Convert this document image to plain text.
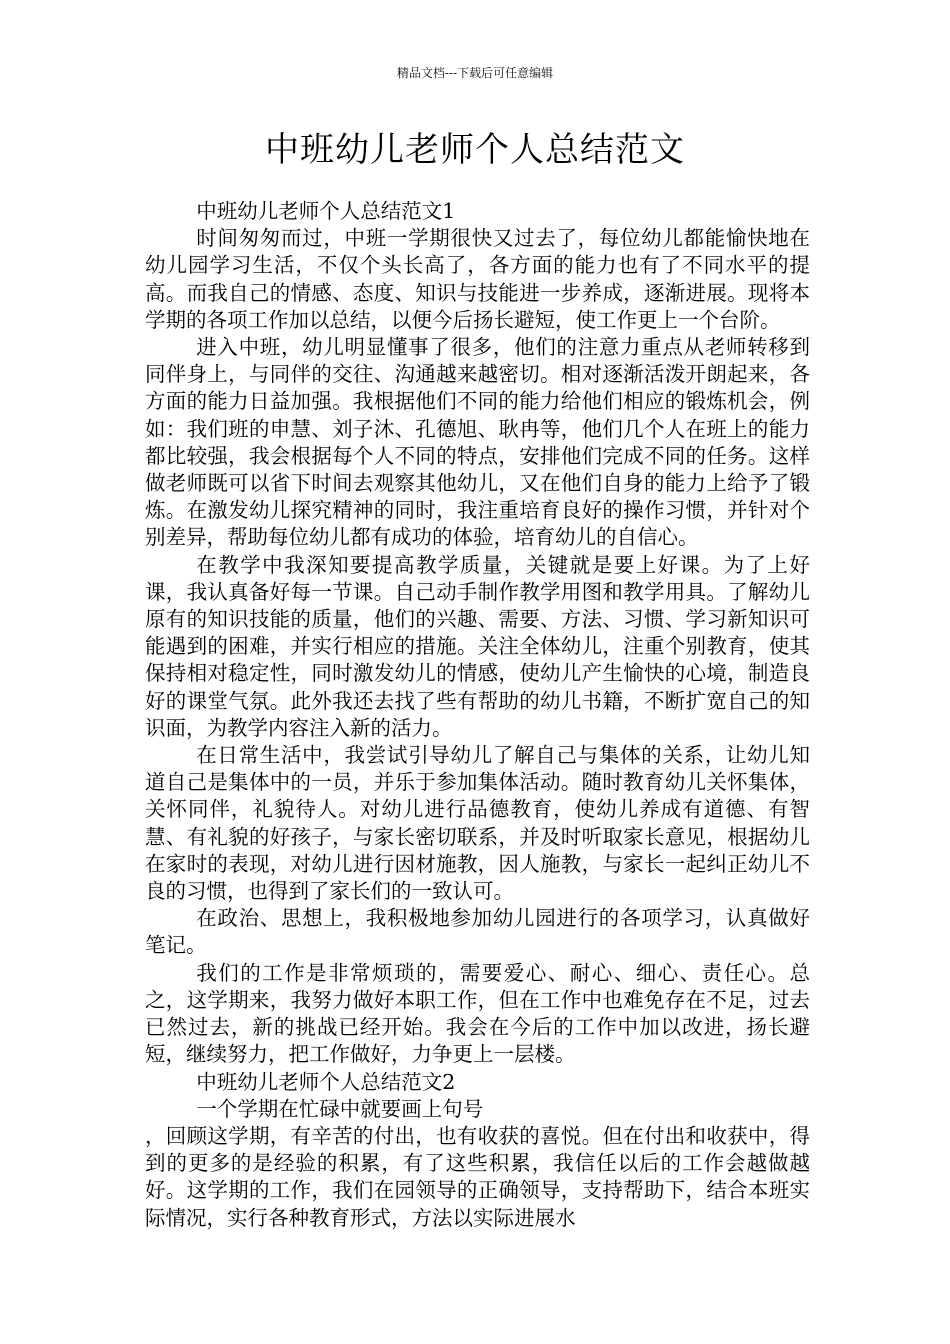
精品文档---下载后可任意编辑
中班幼儿老师个人总结范文

中班幼儿老师个人总结范文1

时间匆匆而过，中班一学期很快又过去了，每位幼儿都能愉快地在幼儿园学习生活，不仅个头长高了，各方面的能力也有了不同水平的提高。而我自己的情感、态度、知识与技能进一步养成，逐渐进展。现将本学期的各项工作加以总结，以便今后扬长避短，使工作更上一个台阶。

进入中班，幼儿明显懂事了很多，他们的注意力重点从老师转移到同伴身上，与同伴的交往、沟通越来越密切。相对逐渐活泼开朗起来，各方面的能力日益加强。我根据他们不同的能力给他们相应的锻炼机会，例如：我们班的申慧、刘子沐、孔德旭、耿冉等，他们几个人在班上的能力都比较强，我会根据每个人不同的特点，安排他们完成不同的任务。这样做老师既可以省下时间去观察其他幼儿，又在他们自身的能力上给予了锻炼。在激发幼儿探究精神的同时，我注重培育良好的操作习惯，并针对个别差异，帮助每位幼儿都有成功的体验，培育幼儿的自信心。

在教学中我深知要提高教学质量，关键就是要上好课。为了上好课，我认真备好每一节课。自己动手制作教学用图和教学用具。了解幼儿原有的知识技能的质量，他们的兴趣、需要、方法、习惯、学习新知识可能遇到的困难，并实行相应的措施。关注全体幼儿，注重个别教育，使其保持相对稳定性，同时激发幼儿的情感，使幼儿产生愉快的心境，制造良好的课堂气氛。此外我还去找了些有帮助的幼儿书籍，不断扩宽自己的知识面，为教学内容注入新的活力。

在日常生活中，我尝试引导幼儿了解自己与集体的关系，让幼儿知道自己是集体中的一员，并乐于参加集体活动。随时教育幼儿关怀集体，关怀同伴，礼貌待人。对幼儿进行品德教育，使幼儿养成有道德、有智慧、有礼貌的好孩子，与家长密切联系，并及时听取家长意见，根据幼儿在家时的表现，对幼儿进行因材施教，因人施教，与家长一起纠正幼儿不良的习惯，也得到了家长们的一致认可。

在政治、思想上，我积极地参加幼儿园进行的各项学习，认真做好笔记。

我们的工作是非常烦琐的，需要爱心、耐心、细心、责任心。总之，这学期来，我努力做好本职工作，但在工作中也难免存在不足，过去已然过去，新的挑战已经开始。我会在今后的工作中加以改进，扬长避短，继续努力，把工作做好，力争更上一层楼。

中班幼儿老师个人总结范文2

一个学期在忙碌中就要画上句号

，回顾这学期，有辛苦的付出，也有收获的喜悦。但在付出和收获中，得到的更多的是经验的积累，有了这些积累，我信任以后的工作会越做越好。这学期的工作，我们在园领导的正确领导，支持帮助下，结合本班实际情况，实行各种教育形式，方法以实际进展水
